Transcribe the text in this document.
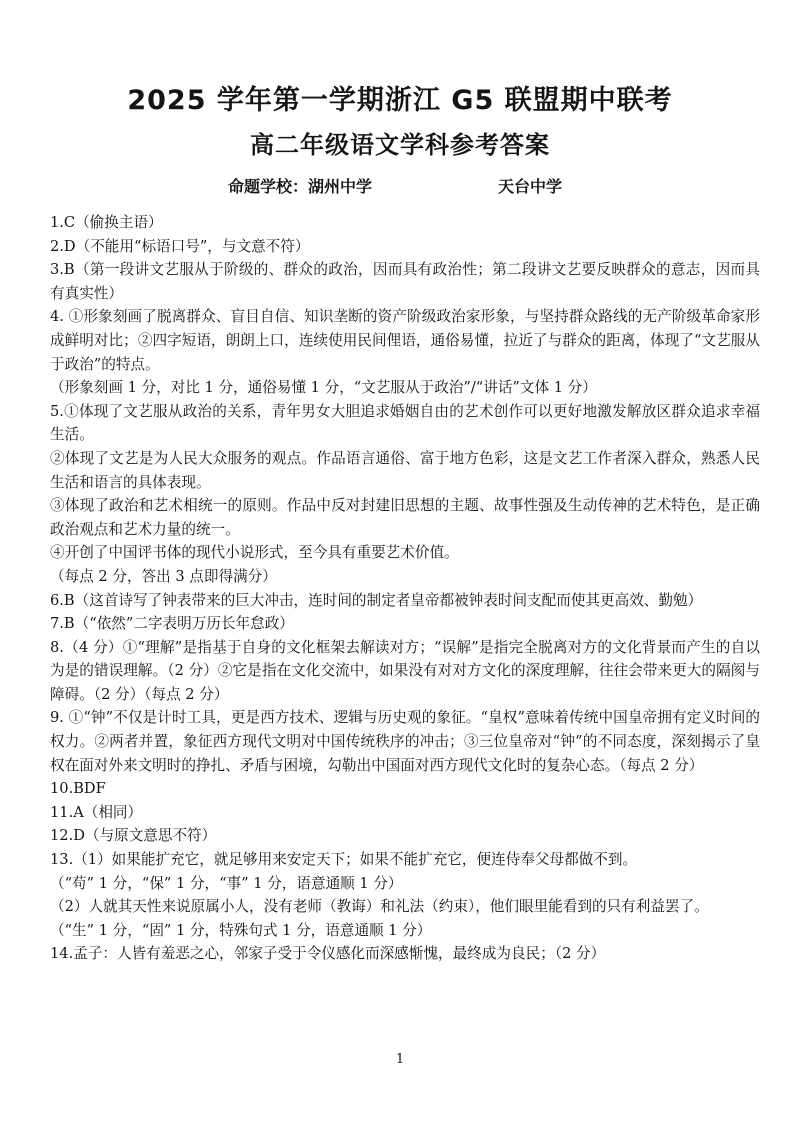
2025 学年第一学期浙江 G5 联盟期中联考
高二年级语文学科参考答案
命题学校：湖州中学	天台中学

1.C（偷换主语）

2.D（不能用“标语口号”，与文意不符）

3.B（第一段讲文艺服从于阶级的、群众的政治，因而具有政治性；第二段讲文艺要反映群众的意志，因而具有真实性）

4. ①形象刻画了脱离群众、盲目自信、知识垄断的资产阶级政治家形象，与坚持群众路线的无产阶级革命家形成鲜明对比；②四字短语，朗朗上口，连续使用民间俚语，通俗易懂，拉近了与群众的距离，体现了“文艺服从于政治”的特点。

（形象刻画 1 分，对比 1 分，通俗易懂 1 分，“文艺服从于政治”/“讲话”文体 1 分）

5.①体现了文艺服从政治的关系，青年男女大胆追求婚姻自由的艺术创作可以更好地激发解放区群众追求幸福生活。

②体现了文艺是为人民大众服务的观点。作品语言通俗、富于地方色彩，这是文艺工作者深入群众，熟悉人民生活和语言的具体表现。

③体现了政治和艺术相统一的原则。作品中反对封建旧思想的主题、故事性强及生动传神的艺术特色，是正确政治观点和艺术力量的统一。

④开创了中国评书体的现代小说形式，至今具有重要艺术价值。

（每点 2 分，答出 3 点即得满分）

6.B（这首诗写了钟表带来的巨大冲击，连时间的制定者皇帝都被钟表时间支配而使其更高效、勤勉）

7.B（“依然”二字表明万历长年怠政）

8.（4 分）①“理解”是指基于自身的文化框架去解读对方；“误解”是指完全脱离对方的文化背景而产生的自以为是的错误理解。（2 分）②它是指在文化交流中，如果没有对对方文化的深度理解，往往会带来更大的隔阂与障碍。（2 分）（每点 2 分）

9. ①“钟”不仅是计时工具，更是西方技术、逻辑与历史观的象征。“皇权”意味着传统中国皇帝拥有定义时间的权力。②两者并置，象征西方现代文明对中国传统秩序的冲击；③三位皇帝对“钟”的不同态度，深刻揭示了皇权在面对外来文明时的挣扎、矛盾与困境，勾勒出中国面对西方现代文化时的复杂心态。（每点 2 分）

10.BDF

11.A（相同）

12.D（与原文意思不符）

13.（1）如果能扩充它，就足够用来安定天下；如果不能扩充它，便连侍奉父母都做不到。

（“苟” 1 分，“保” 1 分，“事” 1 分，语意通顺 1 分）

（2）人就其天性来说原属小人，没有老师（教诲）和礼法（约束），他们眼里能看到的只有利益罢了。

（“生” 1 分，“固” 1 分，特殊句式 1 分，语意通顺 1 分）

14.孟子：人皆有羞恶之心，邻家子受于令仪感化而深感惭愧，最终成为良民；（2 分）

1
